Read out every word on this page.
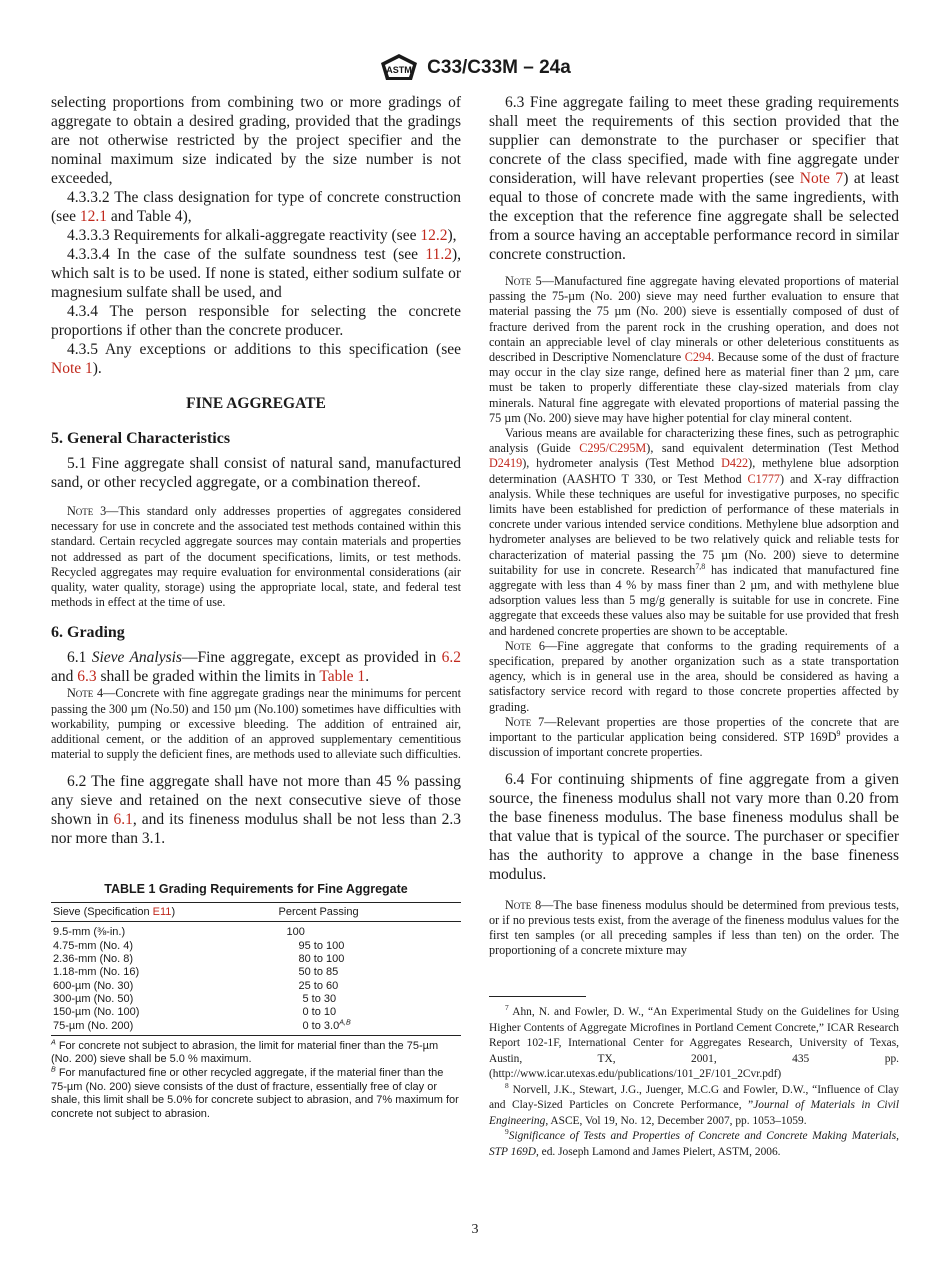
ASTM C33/C33M – 24a

selecting proportions from combining two or more gradings of aggregate to obtain a desired grading, provided that the gradings are not otherwise restricted by the project specifier and the nominal maximum size indicated by the size number is not exceeded,

4.3.3.2 The class designation for type of concrete construction (see 12.1 and Table 4),

4.3.3.3 Requirements for alkali-aggregate reactivity (see 12.2),

4.3.3.4 In the case of the sulfate soundness test (see 11.2), which salt is to be used. If none is stated, either sodium sulfate or magnesium sulfate shall be used, and

4.3.4 The person responsible for selecting the concrete proportions if other than the concrete producer.

4.3.5 Any exceptions or additions to this specification (see Note 1).

FINE AGGREGATE
5. General Characteristics

5.1 Fine aggregate shall consist of natural sand, manufactured sand, or other recycled aggregate, or a combination thereof.

Note 3—This standard only addresses properties of aggregates considered necessary for use in concrete and the associated test methods contained within this standard. Certain recycled aggregate sources may contain materials and properties not addressed as part of the document specifications, limits, or test methods. Recycled aggregates may require evaluation for environmental considerations (air quality, water quality, storage) using the appropriate local, state, and federal test methods in effect at the time of use.

6. Grading

6.1 Sieve Analysis—Fine aggregate, except as provided in 6.2 and 6.3 shall be graded within the limits in Table 1.

Note 4—Concrete with fine aggregate gradings near the minimums for percent passing the 300 µm (No.50) and 150 µm (No.100) sometimes have difficulties with workability, pumping or excessive bleeding. The addition of entrained air, additional cement, or the addition of an approved supplementary cementitious material to supply the deficient fines, are methods used to alleviate such difficulties.

6.2 The fine aggregate shall have not more than 45 % passing any sieve and retained on the next consecutive sieve of those shown in 6.1, and its fineness modulus shall be not less than 2.3 nor more than 3.1.

TABLE 1 Grading Requirements for Fine Aggregate
Sieve (Specification E11)	Percent Passing
9.5-mm (⅜-in.)	100
4.75-mm (No. 4)	95 to 100
2.36-mm (No. 8)	80 to 100
1.18-mm (No. 16)	50 to 85
600-µm (No. 30)	25 to 60
300-µm (No. 50)	5 to 30
150-µm (No. 100)	0 to 10
75-µm (No. 200)	0 to $3.0^{A,B}$

$^A$ For concrete not subject to abrasion, the limit for material finer than the 75-µm (No. 200) sieve shall be 5.0 % maximum.

$^B$ For manufactured fine or other recycled aggregate, if the material finer than the 75-µm (No. 200) sieve consists of the dust of fracture, essentially free of clay or shale, this limit shall be 5.0% for concrete subject to abrasion, and 7% maximum for concrete not subject to abrasion.

6.3 Fine aggregate failing to meet these grading requirements shall meet the requirements of this section provided that the supplier can demonstrate to the purchaser or specifier that concrete of the class specified, made with fine aggregate under consideration, will have relevant properties (see Note 7) at least equal to those of concrete made with the same ingredients, with the exception that the reference fine aggregate shall be selected from a source having an acceptable performance record in similar concrete construction.

Note 5—Manufactured fine aggregate having elevated proportions of material passing the 75-µm (No. 200) sieve may need further evaluation to ensure that material passing the 75 µm (No. 200) sieve is essentially composed of dust of fracture derived from the parent rock in the crushing operation, and does not contain an appreciable level of clay minerals or other deleterious constituents as described in Descriptive Nomenclature C294. Because some of the dust of fracture may occur in the clay size range, defined here as material finer than 2 µm, care must be taken to properly differentiate these clay-sized materials from clay minerals. Natural fine aggregate with elevated proportions of material passing the 75 µm (No. 200) sieve may have higher potential for clay mineral content.

Various means are available for characterizing these fines, such as petrographic analysis (Guide C295/C295M), sand equivalent determination (Test Method D2419), hydrometer analysis (Test Method D422), methylene blue adsorption determination (AASHTO T 330, or Test Method C1777) and X-ray diffraction analysis. While these techniques are useful for investigative purposes, no specific limits have been established for prediction of performance of these materials in concrete under various intended service conditions. Methylene blue adsorption and hydrometer analyses are believed to be two relatively quick and reliable tests for characterization of material passing the 75 µm (No. 200) sieve to determine suitability for use in concrete. Research$^{7,8}$ has indicated that manufactured fine aggregate with less than 4 % by mass finer than 2 µm, and with methylene blue adsorption values less than 5 mg/g generally is suitable for use in concrete. Fine aggregate that exceeds these values also may be suitable for use provided that fresh and hardened concrete properties are shown to be acceptable.

Note 6—Fine aggregate that conforms to the grading requirements of a specification, prepared by another organization such as a state transportation agency, which is in general use in the area, should be considered as having a satisfactory service record with regard to those concrete properties affected by grading.

Note 7—Relevant properties are those properties of the concrete that are important to the particular application being considered. STP $169D^9$ provides a discussion of important concrete properties.

6.4 For continuing shipments of fine aggregate from a given source, the fineness modulus shall not vary more than 0.20 from the base fineness modulus. The base fineness modulus shall be that value that is typical of the source. The purchaser or specifier has the authority to approve a change in the base fineness modulus.

Note 8—The base fineness modulus should be determined from previous tests, or if no previous tests exist, from the average of the fineness modulus values for the first ten samples (or all preceding samples if less than ten) on the order. The proportioning of a concrete mixture may

$^7$ Ahn, N. and Fowler, D. W., “An Experimental Study on the Guidelines for Using Higher Contents of Aggregate Microfines in Portland Cement Concrete,” ICAR Research Report 102-1F, International Center for Aggregates Research, University of Texas, Austin, TX, 2001, 435 pp. (http://www.icar.utexas.edu/publications/101_2F/101_2Cvr.pdf)

$^8$ Norvell, J.K., Stewart, J.G., Juenger, M.C.G and Fowler, D.W., “Influence of Clay and Clay-Sized Particles on Concrete Performance, ”Journal of Materials in Civil Engineering, ASCE, Vol 19, No. 12, December 2007, pp. 1053–1059.

$^9$Significance of Tests and Properties of Concrete and Concrete Making Materials, STP 169D, ed. Joseph Lamond and James Pielert, ASTM, 2006.

3
